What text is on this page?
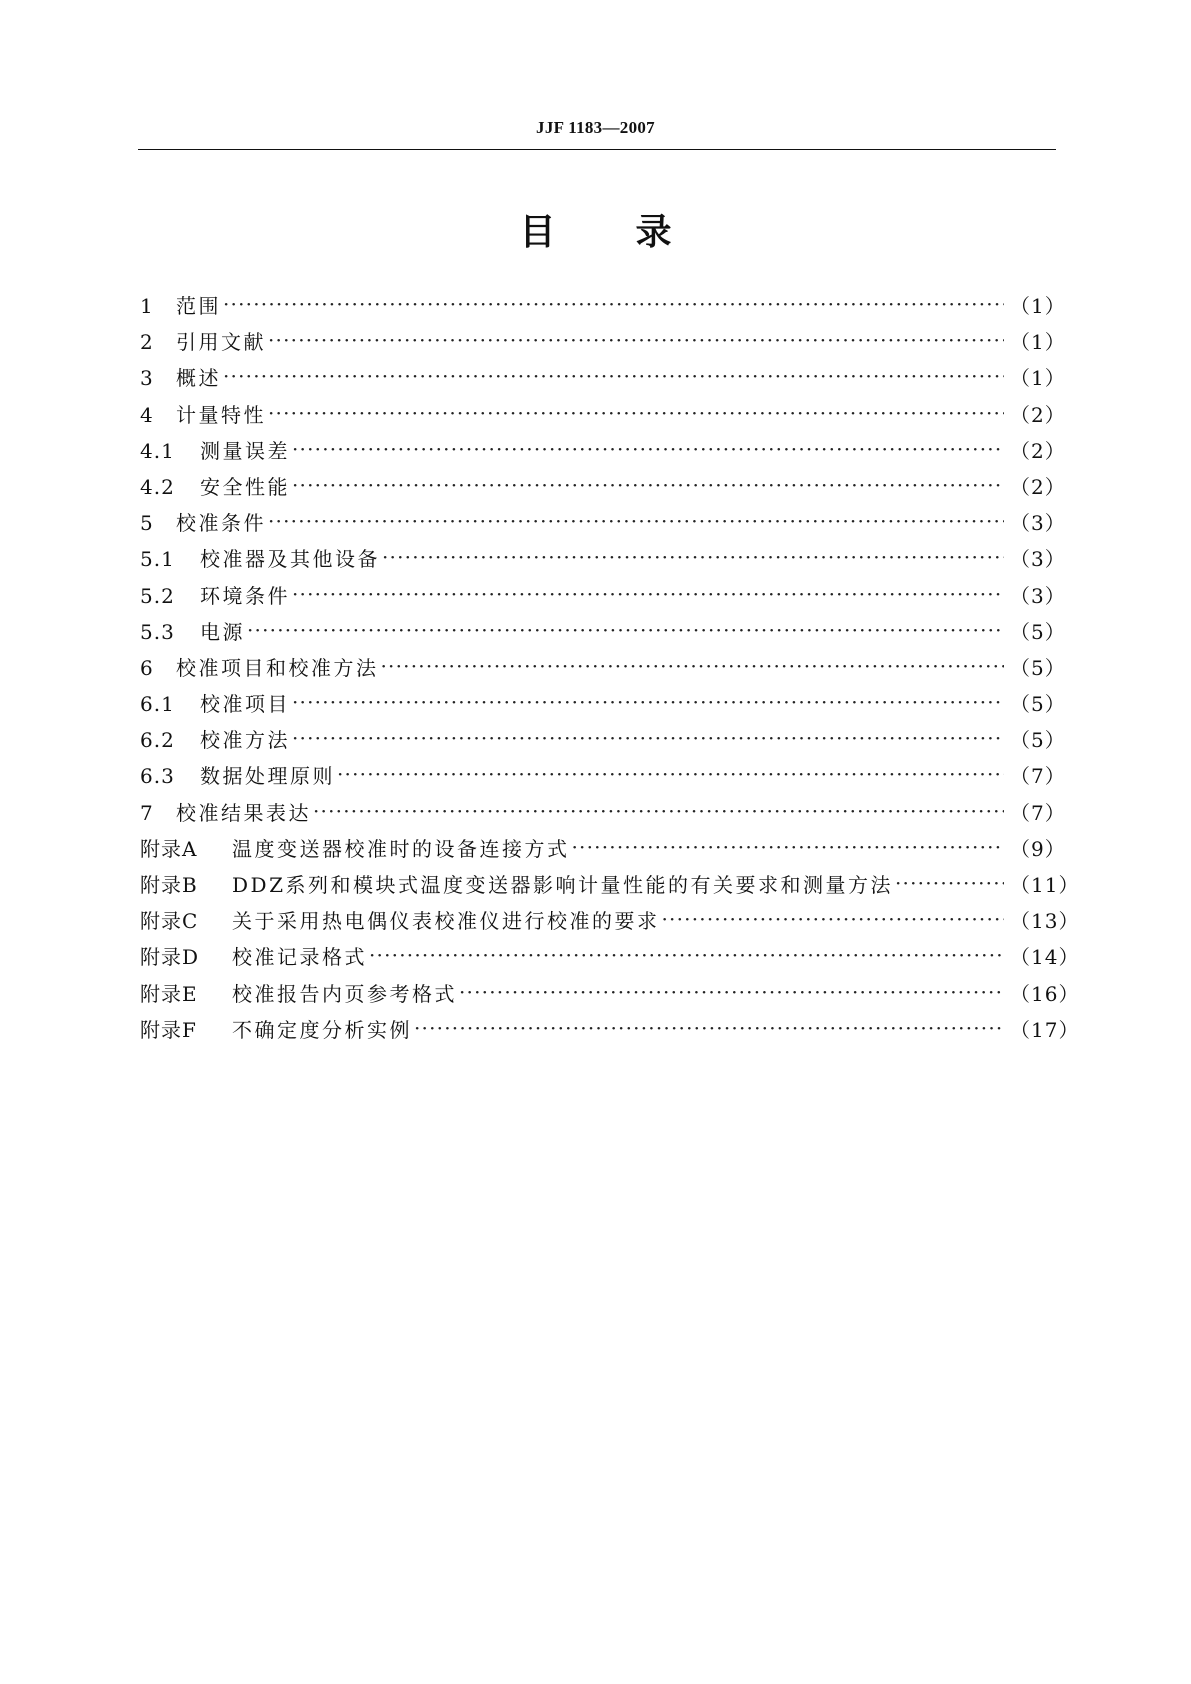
JJF 1183—2007
目 录
1	范围 ·····	（1）
2	引用文献 ·····	（1）
3	概述 ·····	（1）
4	计量特性 ·····	（2）
4.1	测量误差 ·····	（2）
4.2	安全性能 ·····	（2）
5	校准条件 ·····	（3）
5.1	校准器及其他设备 ·····	（3）
5.2	环境条件 ·····	（3）
5.3	电源 ·····	（5）
6	校准项目和校准方法 ·····	（5）
6.1	校准项目 ·····	（5）
6.2	校准方法 ·····	（5）
6.3	数据处理原则 ·····	（7）
7	校准结果表达 ·····	（7）
附录A	温度变送器校准时的设备连接方式 ·····	（9）
附录B	DDZ系列和模块式温度变送器影响计量性能的有关要求和测量方法 ·····	（11）
附录C	关于采用热电偶仪表校准仪进行校准的要求 ·····	（13）
附录D	校准记录格式 ·····	（14）
附录E	校准报告内页参考格式 ·····	（16）
附录F	不确定度分析实例 ·····	（17）
